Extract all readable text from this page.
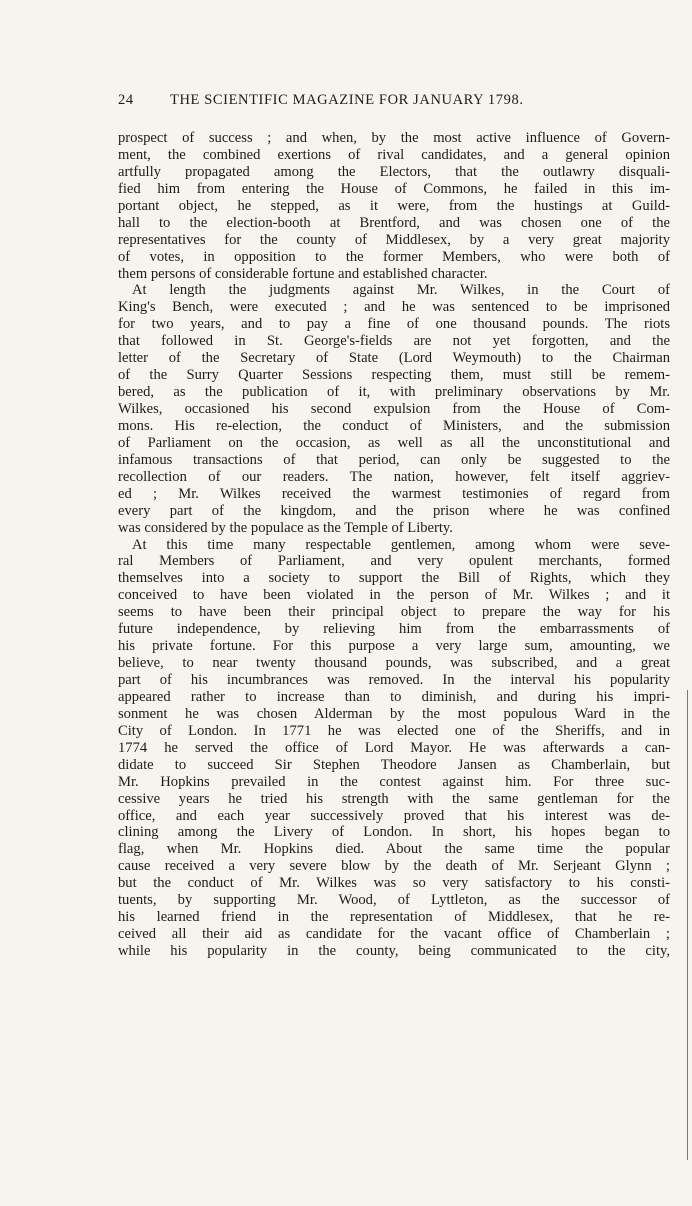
24	THE SCIENTIFIC MAGAZINE FOR JANUARY 1798.
prospect of success ; and when, by the most active influence of Govern-
ment, the combined exertions of rival candidates, and a general opinion
artfully propagated among the Electors, that the outlawry disquali-
fied him from entering the House of Commons, he failed in this im-
portant object, he stepped, as it were, from the hustings at Guild-
hall to the election-booth at Brentford, and was chosen one of the
representatives for the county of Middlesex, by a very great majority
of votes, in opposition to the former Members, who were both of
them persons of considerable fortune and established character.
At length the judgments against Mr. Wilkes, in the Court of
King's Bench, were executed ; and he was sentenced to be imprisoned
for two years, and to pay a fine of one thousand pounds. The riots
that followed in St. George's-fields are not yet forgotten, and the
letter of the Secretary of State (Lord Weymouth) to the Chairman
of the Surry Quarter Sessions respecting them, must still be remem-
bered, as the publication of it, with preliminary observations by Mr.
Wilkes, occasioned his second expulsion from the House of Com-
mons. His re-election, the conduct of Ministers, and the submission
of Parliament on the occasion, as well as all the unconstitutional and
infamous transactions of that period, can only be suggested to the
recollection of our readers. The nation, however, felt itself aggriev-
ed ; Mr. Wilkes received the warmest testimonies of regard from
every part of the kingdom, and the prison where he was confined
was considered by the populace as the Temple of Liberty.
At this time many respectable gentlemen, among whom were seve-
ral Members of Parliament, and very opulent merchants, formed
themselves into a society to support the Bill of Rights, which they
conceived to have been violated in the person of Mr. Wilkes ; and it
seems to have been their principal object to prepare the way for his
future independence, by relieving him from the embarrassments of
his private fortune. For this purpose a very large sum, amounting, we
believe, to near twenty thousand pounds, was subscribed, and a great
part of his incumbrances was removed. In the interval his popularity
appeared rather to increase than to diminish, and during his impri-
sonment he was chosen Alderman by the most populous Ward in the
City of London. In 1771 he was elected one of the Sheriffs, and in
1774 he served the office of Lord Mayor. He was afterwards a can-
didate to succeed Sir Stephen Theodore Jansen as Chamberlain, but
Mr. Hopkins prevailed in the contest against him. For three suc-
cessive years he tried his strength with the same gentleman for the
office, and each year successively proved that his interest was de-
clining among the Livery of London. In short, his hopes began to
flag, when Mr. Hopkins died. About the same time the popular
cause received a very severe blow by the death of Mr. Serjeant Glynn ;
but the conduct of Mr. Wilkes was so very satisfactory to his consti-
tuents, by supporting Mr. Wood, of Lyttleton, as the successor of
his learned friend in the representation of Middlesex, that he re-
ceived all their aid as candidate for the vacant office of Chamberlain ;
while his popularity in the county, being communicated to the city,
